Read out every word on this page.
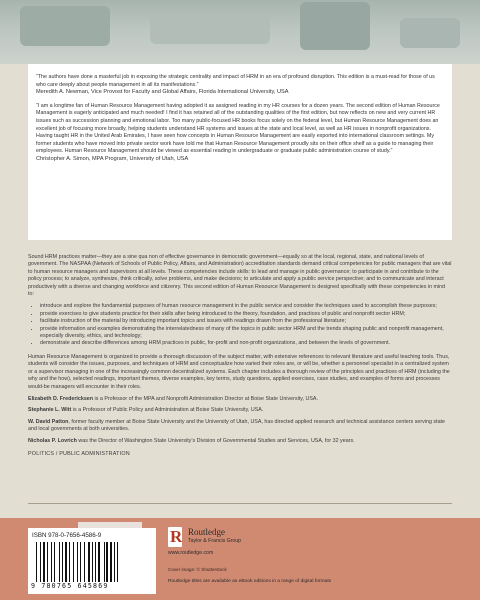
“The authors have done a masterful job in exposing the strategic centrality and impact of HRM in an era of profound disruption. This edition is a must-read for those of us who care deeply about people management in all its manifestations.”

Meredith A. Newman, Vice Provost for Faculty and Global Affairs, Florida International University, USA

“I am a longtime fan of Human Resource Management having adopted it as assigned reading in my HR courses for a dozen years. The second edition of Human Resource Management is eagerly anticipated and much needed! I find it has retained all of the outstanding qualities of the first edition, but now reflects on new and very current HR issues such as succession planning and emotional labor. Too many public-focused HR books focus solely on the federal level, but Human Resource Management does an excellent job of focusing more broadly, helping students understand HR systems and issues at the state and local level, as well as HR issues in nonprofit organizations. Having taught HR in the United Arab Emirates, I have seen how concepts in Human Resource Management are easily exported into international classroom settings. My former students who have moved into private sector work have told me that Human Resource Management proudly sits on their office shelf as a guide to managing their employees. Human Resource Management should be viewed as essential reading in undergraduate or graduate public administration course of study.”

Christopher A. Simon, MPA Program, University of Utah, USA

Sound HRM practices matter—they are a sine qua non of effective governance in democratic government—equally so at the local, regional, state, and national levels of government. The NASPAA (Network of Schools of Public Policy, Affairs, and Administration) accreditation standards demand critical competencies for public managers that are vital to human resource managers and supervisors at all levels. These competencies include skills: to lead and manage in public governance; to participate in and contribute to the policy process; to analyze, synthesize, think critically, solve problems, and make decisions; to articulate and apply a public service perspective; and to communicate and interact productively with a diverse and changing workforce and citizenry. This second edition of Human Resource Management is designed specifically with these competencies in mind to:

• introduce and explore the fundamental purposes of human resource management in the public service and consider the techniques used to accomplish these purposes;
• provide exercises to give students practice for their skills after being introduced to the theory, foundation, and practices of public and nonprofit sector HRM;
• facilitate instruction of the material by introducing important topics and issues with readings drawn from the professional literature;
• provide information and examples demonstrating the interrelatedness of many of the topics in public sector HRM and the trends shaping public and nonprofit management, especially diversity, ethics, and technology;
• demonstrate and describe differences among HRM practices in public, for-profit and non-profit organizations, and between the levels of government.

Human Resource Management is organized to provide a thorough discussion of the subject matter, with extensive references to relevant literature and useful teaching tools. Thus, students will consider the issues, purposes, and techniques of HRM and conceptualize how varied their roles are, or will be, whether a personnel specialist in a centralized system or a supervisor managing in one of the increasingly common decentralized systems. Each chapter includes a thorough review of the principles and practices of HRM (including the why and the how), selected readings, important themes, diverse examples, key terms, study questions, applied exercises, case studies, and examples of forms and processes would-be managers will encounter in their roles.

Elizabeth D. Fredericksen is a Professor of the MPA and Nonprofit Administration Director at Boise State University, USA.

Stephanie L. Witt is a Professor of Public Policy and Administration at Boise State University, USA.

W. David Patton, former faculty member at Boise State University and the University of Utah, USA, has directed applied research and technical assistance centers serving state and local governments at both universities.

Nicholas P. Lovrich was the Director of Washington State University’s Division of Governmental Studies and Services, USA, for 32 years.

POLITICS / PUBLIC ADMINISTRATION
ISBN 978-0-7656-4586-9
9 780765 645869
R Routledge
Taylor & Francis Group
www.routledge.com
Cover image: © Shutterstock
Routledge titles are available as eBook editions in a range of digital formats
